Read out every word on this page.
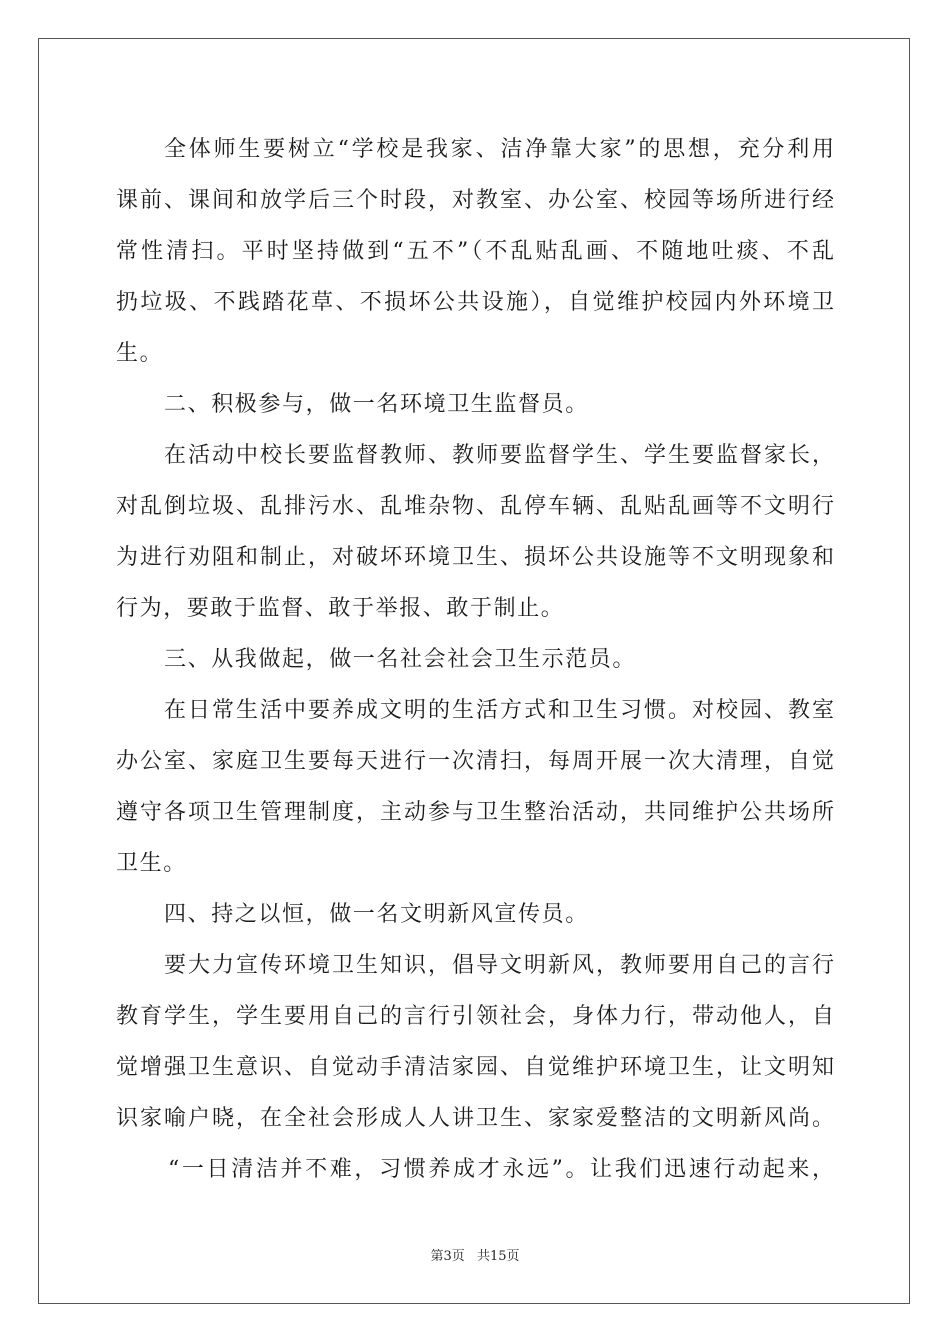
全体师生要树立“学校是我家、洁净靠大家”的思想，充分利用
课前、课间和放学后三个时段，对教室、办公室、校园等场所进行经
常性清扫。平时坚持做到“五不”（不乱贴乱画、不随地吐痰、不乱
扔垃圾、不践踏花草、不损坏公共设施），自觉维护校园内外环境卫
生。
二、积极参与，做一名环境卫生监督员。
在活动中校长要监督教师、教师要监督学生、学生要监督家长，
对乱倒垃圾、乱排污水、乱堆杂物、乱停车辆、乱贴乱画等不文明行
为进行劝阻和制止，对破坏环境卫生、损坏公共设施等不文明现象和
行为，要敢于监督、敢于举报、敢于制止。
三、从我做起，做一名社会社会卫生示范员。
在日常生活中要养成文明的生活方式和卫生习惯。对校园、教室
办公室、家庭卫生要每天进行一次清扫，每周开展一次大清理，自觉
遵守各项卫生管理制度，主动参与卫生整治活动，共同维护公共场所
卫生。
四、持之以恒，做一名文明新风宣传员。
要大力宣传环境卫生知识，倡导文明新风，教师要用自己的言行
教育学生，学生要用自己的言行引领社会，身体力行，带动他人，自
觉增强卫生意识、自觉动手清洁家园、自觉维护环境卫生，让文明知
识家喻户晓，在全社会形成人人讲卫生、家家爱整洁的文明新风尚。
“一日清洁并不难，习惯养成才永远”。让我们迅速行动起来，
第3页 共15页
